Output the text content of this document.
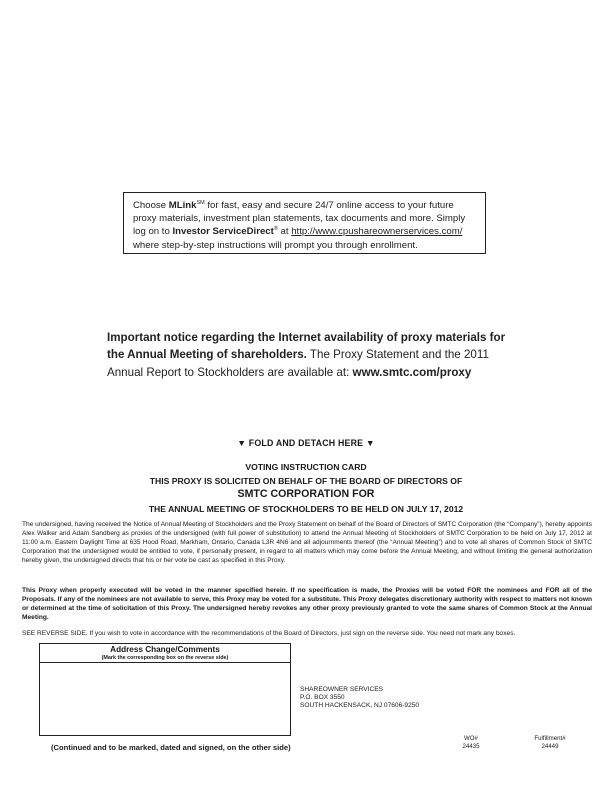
Choose MLink℠ for fast, easy and secure 24/7 online access to your future
proxy materials, investment plan statements, tax documents and more. Simply
log on to Investor ServiceDirect® at http://www.cpushareownerservices.com/
where step-by-step instructions will prompt you through enrollment.
Important notice regarding the Internet availability of proxy materials for the Annual Meeting of shareholders. The Proxy Statement and the 2011 Annual Report to Stockholders are available at: www.smtc.com/proxy
▼ FOLD AND DETACH HERE ▼
VOTING INSTRUCTION CARD
THIS PROXY IS SOLICITED ON BEHALF OF THE BOARD OF DIRECTORS OF
SMTC CORPORATION FOR
THE ANNUAL MEETING OF STOCKHOLDERS TO BE HELD ON JULY 17, 2012
The undersigned, having received the Notice of Annual Meeting of Stockholders and the Proxy Statement on behalf of the Board of Directors of SMTC Corporation (the “Company”), hereby appoints Alex Walker and Adam Sandberg as proxies of the undersigned (with full power of substitution) to attend the Annual Meeting of Stockholders of SMTC Corporation to be held on July 17, 2012 at 11:00 a.m. Eastern Daylight Time at 635 Hood Road, Markham, Ontario, Canada L3R 4N6 and all adjournments thereof (the “Annual Meeting”) and to vote all shares of Common Stock of SMTC Corporation that the undersigned would be entitled to vote, if personally present, in regard to all matters which may come before the Annual Meeting, and without limiting the general authorization hereby given, the undersigned directs that his or her vote be cast as specified in this Proxy.
This Proxy when properly executed will be voted in the manner specified herein. If no specification is made, the Proxies will be voted FOR the nominees and FOR all of the Proposals. If any of the nominees are not available to serve, this Proxy may be voted for a substitute. This Proxy delegates discretionary authority with respect to matters not known or determined at the time of solicitation of this Proxy. The undersigned hereby revokes any other proxy previously granted to vote the same shares of Common Stock at the Annual Meeting.
SEE REVERSE SIDE. If you wish to vote in accordance with the recommendations of the Board of Directors, just sign on the reverse side. You need not mark any boxes.
Address Change/Comments
(Mark the corresponding box on the reverse side)
SHAREOWNER SERVICES
P.O. BOX 3550
SOUTH HACKENSACK, NJ 07606-9250
(Continued and to be marked, dated and signed, on the other side)
WO#
24435
Fulfillment#
24449
